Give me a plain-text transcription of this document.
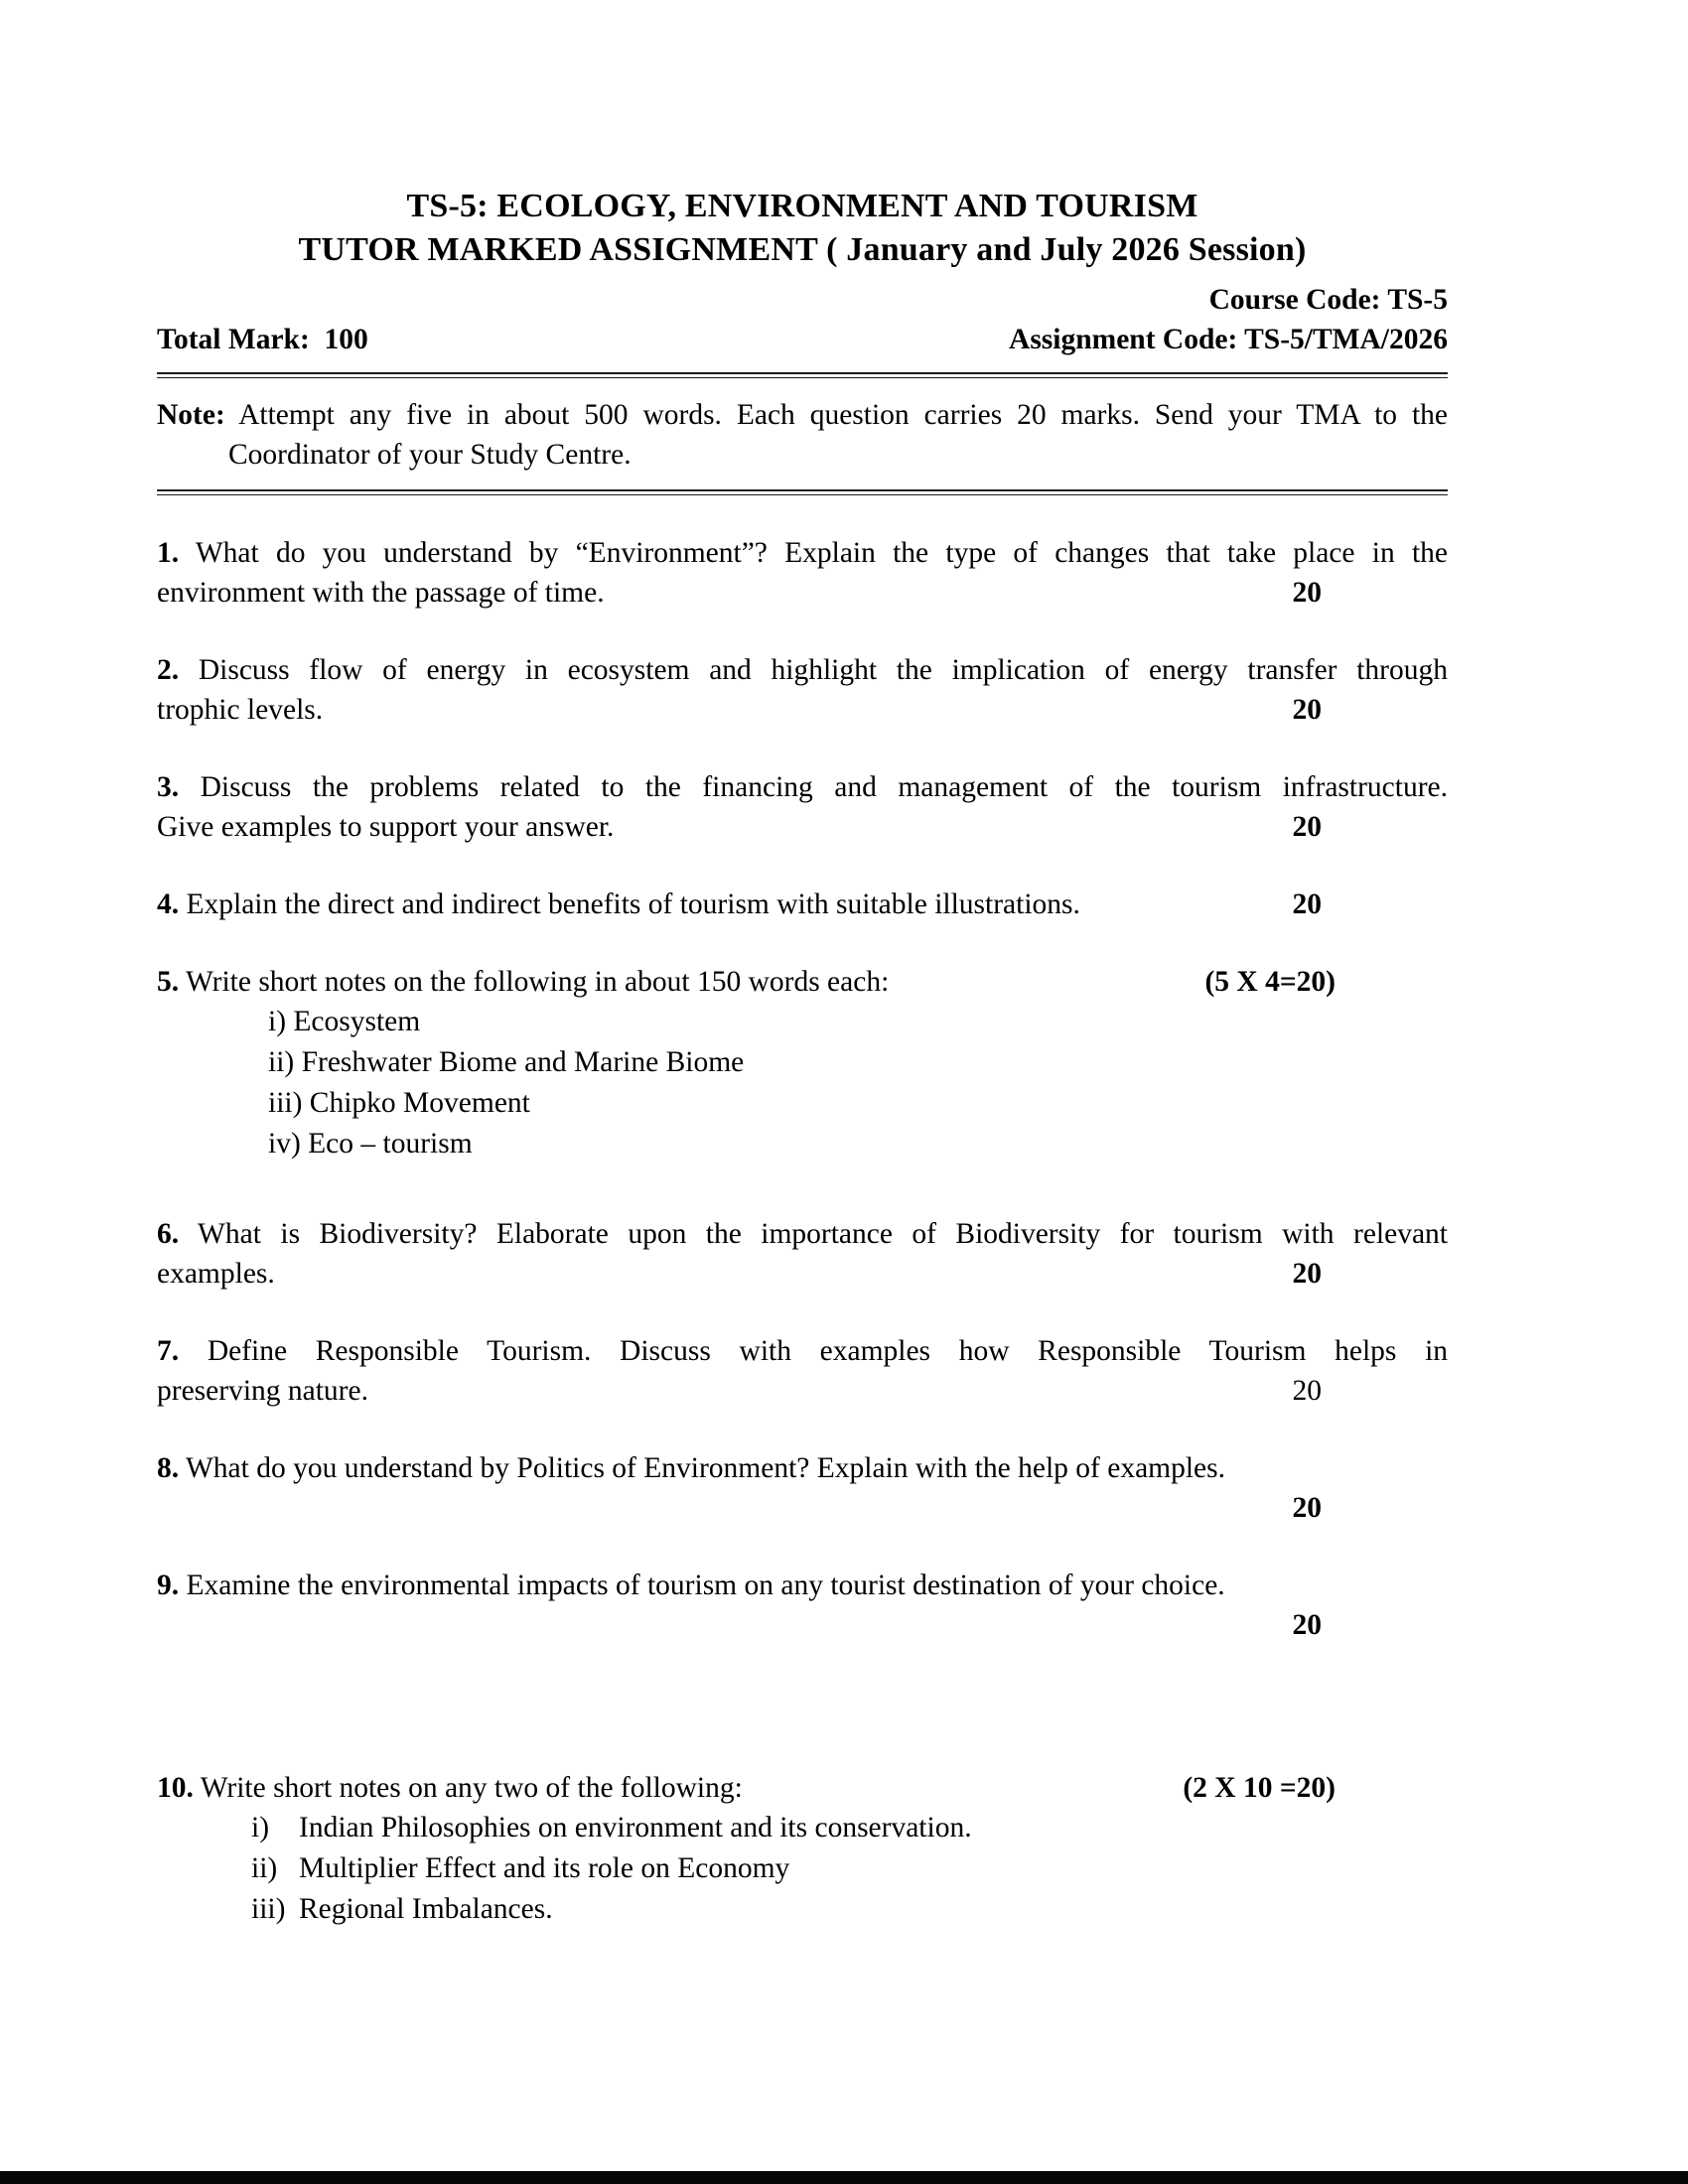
TS-5: ECOLOGY, ENVIRONMENT AND TOURISM
TUTOR MARKED ASSIGNMENT ( January and July 2026 Session)
Course Code: TS-5
Total Mark:  100	Assignment Code: TS-5/TMA/2026
Note: Attempt any five in about 500 words. Each question carries 20 marks. Send your TMA to the Coordinator of your Study Centre.
1. What do you understand by “Environment”? Explain the type of changes that take place in the
environment with the passage of time.	20
2. Discuss flow of energy in ecosystem and highlight the implication of energy transfer through
trophic levels.	20
3. Discuss the problems related to the financing and management of the tourism infrastructure.
Give examples to support your answer.	20
4. Explain the direct and indirect benefits of tourism with suitable illustrations.	20
5. Write short notes on the following in about 150 words each:	(5 X 4=20)
i) Ecosystem
ii) Freshwater Biome and Marine Biome
iii) Chipko Movement
iv) Eco – tourism
6. What is Biodiversity? Elaborate upon the importance of Biodiversity for tourism with relevant
examples.	20
7. Define Responsible Tourism. Discuss with examples how Responsible Tourism helps in
preserving nature.	20
8. What do you understand by Politics of Environment? Explain with the help of examples.
20
9. Examine the environmental impacts of tourism on any tourist destination of your choice.
20
10. Write short notes on any two of the following:	(2 X 10 =20)
i) Indian Philosophies on environment and its conservation.
ii) Multiplier Effect and its role on Economy
iii) Regional Imbalances.
